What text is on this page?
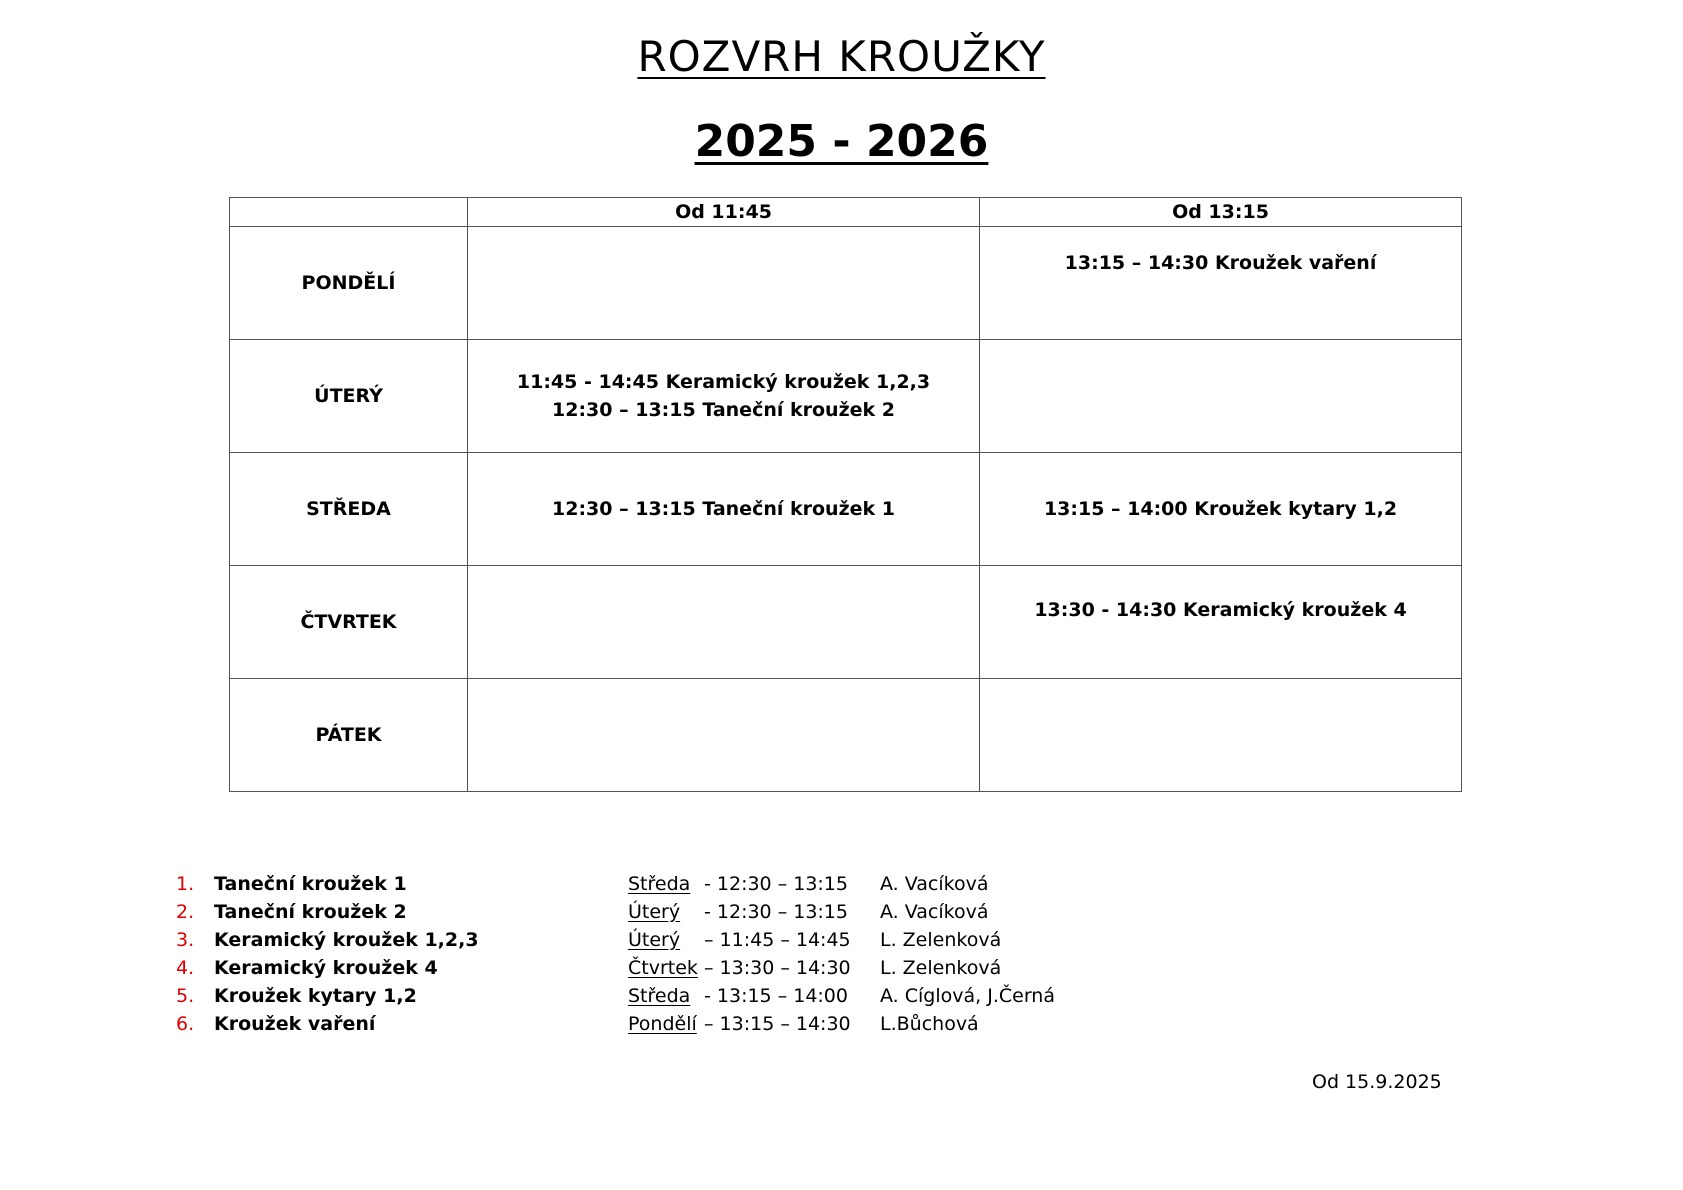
ROZVRH KROUŽKY
2025 - 2026
	Od 11:45	Od 13:15
PONDĚLÍ		13:15 – 14:30 Kroužek vaření

ÚTERÝ	11:45 - 14:45 Keramický kroužek 1,2,3
12:30 – 13:15 Taneční kroužek 2	

STŘEDA	12:30 – 13:15 Taneční kroužek 1	13:15 – 14:00 Kroužek kytary 1,2

ČTVRTEK		13:30 - 14:30 Keramický kroužek 4

PÁTEK		
1. Taneční kroužek 1	Středa - 12:30 – 13:15 A. Vacíková
2. Taneční kroužek 2	Úterý - 12:30 – 13:15 A. Vacíková
3. Keramický kroužek 1,2,3	Úterý – 11:45 – 14:45 L. Zelenková
4. Keramický kroužek 4	Čtvrtek – 13:30 – 14:30 L. Zelenková
5. Kroužek kytary 1,2	Středa - 13:15 – 14:00 A. Cíglová, J.Černá
6. Kroužek vaření	Pondělí – 13:15 – 14:30 L.Bůchová
Od 15.9.2025
